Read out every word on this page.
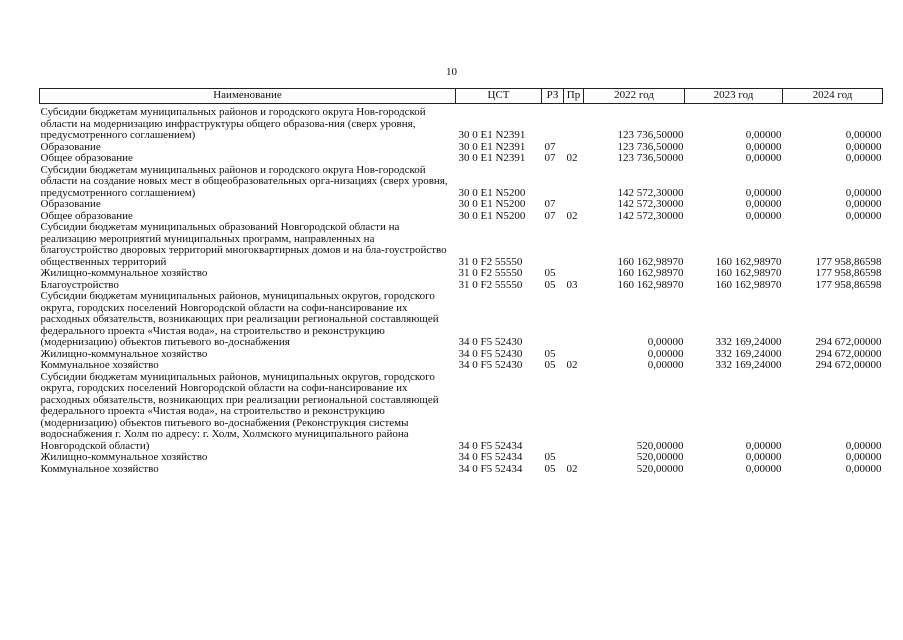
10
Наименование	ЦСТ	РЗ	Пр	2022 год	2023 год	2024 год

Субсидии бюджетам муниципальных районов и городского округа Нов-городской области на модернизацию инфраструктуры общего образова-ния (сверх уровня, предусмотренного соглашением)	30 0 E1 N2391			123 736,50000	0,00000	0,00000
Образование	30 0 E1 N2391	07		123 736,50000	0,00000	0,00000
Общее образование	30 0 E1 N2391	07	02	123 736,50000	0,00000	0,00000
Субсидии бюджетам муниципальных районов и городского округа Нов-городской области на создание новых мест в общеобразовательных орга-низациях (сверх уровня, предусмотренного соглашением)	30 0 E1 N5200			142 572,30000	0,00000	0,00000
Образование	30 0 E1 N5200	07		142 572,30000	0,00000	0,00000
Общее образование	30 0 E1 N5200	07	02	142 572,30000	0,00000	0,00000
Субсидии бюджетам муниципальных образований Новгородской области на реализацию мероприятий муниципальных программ, направленных на благоустройство дворовых территорий многоквартирных домов и на бла-гоустройство общественных территорий	31 0 F2 55550			160 162,98970	160 162,98970	177 958,86598
Жилищно-коммунальное хозяйство	31 0 F2 55550	05		160 162,98970	160 162,98970	177 958,86598
Благоустройство	31 0 F2 55550	05	03	160 162,98970	160 162,98970	177 958,86598
Субсидии бюджетам муниципальных районов, муниципальных округов, городского округа, городских поселений Новгородской области на софи-нансирование их расходных обязательств, возникающих при реализации региональной составляющей федерального проекта «Чистая вода», на строительство и реконструкцию (модернизацию) объектов питьевого во-доснабжения	34 0 F5 52430			0,00000	332 169,24000	294 672,00000
Жилищно-коммунальное хозяйство	34 0 F5 52430	05		0,00000	332 169,24000	294 672,00000
Коммунальное хозяйство	34 0 F5 52430	05	02	0,00000	332 169,24000	294 672,00000
Субсидии бюджетам муниципальных районов, муниципальных округов, городского округа, городских поселений Новгородской области на софи-нансирование их расходных обязательств, возникающих при реализации региональной составляющей федерального проекта «Чистая вода», на строительство и реконструкцию (модернизацию) объектов питьевого во-доснабжения (Реконструкция системы водоснабжения г. Холм по адресу: г. Холм, Холмского муниципального района Новгородской области)	34 0 F5 52434			520,00000	0,00000	0,00000
Жилищно-коммунальное хозяйство	34 0 F5 52434	05		520,00000	0,00000	0,00000
Коммунальное хозяйство	34 0 F5 52434	05	02	520,00000	0,00000	0,00000
